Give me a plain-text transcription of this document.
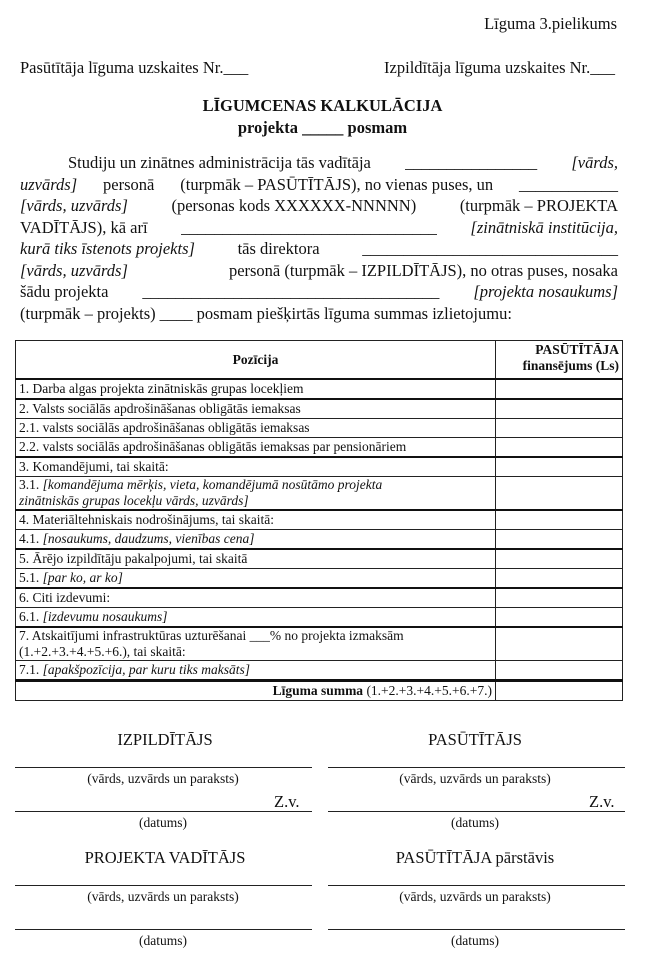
Līguma 3.pielikums
Pasūtītāja līguma uzskaites Nr.___	Izpildītāja līguma uzskaites Nr.___
LĪGUMCENAS KALKULĀCIJA
projekta _____ posmam
Studiju un zinātnes administrācija tās vadītāja ________________ [vārds,
uzvārds] personā (turpmāk – PASŪTĪTĀJS), no vienas puses, un ____________
[vārds, uzvārds]	(personas kods XXXXXX-NNNNN)	(turpmāk – PROJEKTA
VADĪTĀJS), kā arī _______________________________ [zinātniskā institūcija,
kurā tiks īstenots projekts]	tās direktora	_______________________________
[vārds, uzvārds]	personā (turpmāk – IZPILDĪTĀJS), no otras puses, nosaka
šādu projekta ____________________________________ [projekta nosaukums]
(turpmāk – projekts) ____ posmam piešķirtās līguma summas izlietojumu:
Pozīcija	PASŪTĪTĀJA
finansējums (Ls)

1. Darba algas projekta zinātniskās grupas locekļiem	
2. Valsts sociālās apdrošināšanas obligātās iemaksas	
2.1. valsts sociālās apdrošināšanas obligātās iemaksas	
2.2. valsts sociālās apdrošināšanas obligātās iemaksas par pensionāriem	
3. Komandējumi, tai skaitā:	
3.1. [komandējuma mērķis, vieta, komandējumā nosūtāmo projekta
zinātniskās grupas locekļu vārds, uzvārds]	

4. Materiāltehniskais nodrošinājums, tai skaitā:	
4.1. [nosaukums, daudzums, vienības cena]	
5. Ārējo izpildītāju pakalpojumi, tai skaitā	
5.1. [par ko, ar ko]	
6. Citi izdevumi:	
6.1. [izdevumu nosaukums]	
7. Atskaitījumi infrastruktūras uzturēšanai ___% no projekta izmaksām
(1.+2.+3.+4.+5.+6.), tai skaitā:	

7.1. [apakšpozīcija, par kuru tiks maksāts]	
Līguma summa (1.+2.+3.+4.+5.+6.+7.)	
IZPILDĪTĀJS	PASŪTĪTĀJS
(vārds, uzvārds un paraksts)	(vārds, uzvārds un paraksts)
Z.v.	Z.v.
(datums)	(datums)
PROJEKTA VADĪTĀJS	PASŪTĪTĀJA pārstāvis
(vārds, uzvārds un paraksts)	(vārds, uzvārds un paraksts)
(datums)	(datums)
